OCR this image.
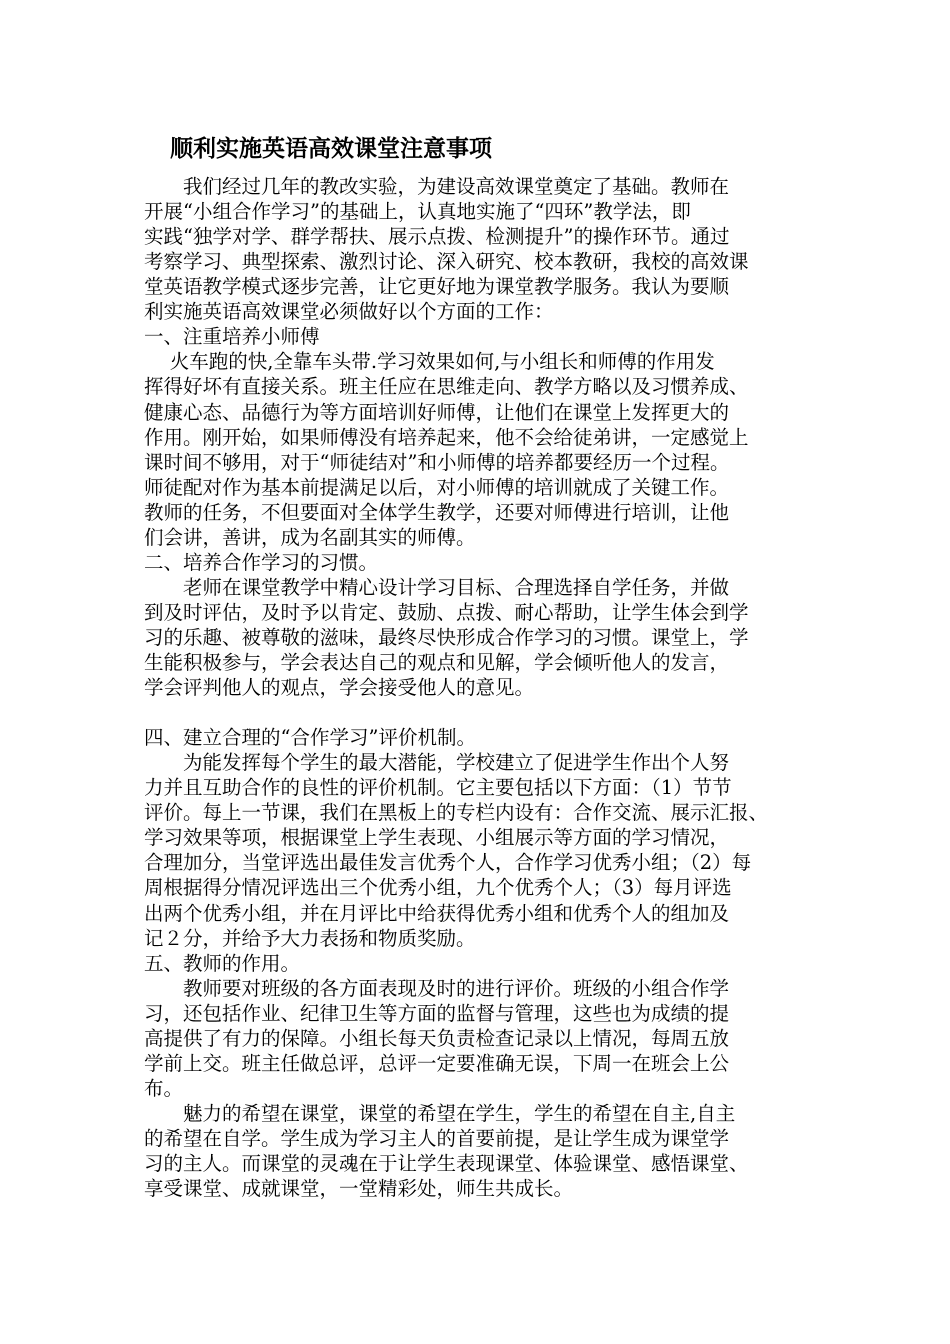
顺利实施英语高效课堂注意事项
　　我们经过几年的教改实验，为建设高效课堂奠定了基础。教师在
开展“小组合作学习”的基础上，认真地实施了“四环”教学法，即
实践“独学对学、群学帮扶、展示点拨、检测提升”的操作环节。通过
考察学习、典型探索、激烈讨论、深入研究、校本教研，我校的高效课
堂英语教学模式逐步完善，让它更好地为课堂教学服务。我认为要顺
利实施英语高效课堂必须做好以个方面的工作：
一、注重培养小师傅
　 火车跑的快,全靠车头带.学习效果如何,与小组长和师傅的作用发
挥得好坏有直接关系。班主任应在思维走向、教学方略以及习惯养成、
健康心态、品德行为等方面培训好师傅，让他们在课堂上发挥更大的
作用。刚开始，如果师傅没有培养起来，他不会给徒弟讲，一定感觉上
课时间不够用，对于“师徒结对”和小师傅的培养都要经历一个过程。
师徒配对作为基本前提满足以后，对小师傅的培训就成了关键工作。
教师的任务，不但要面对全体学生教学，还要对师傅进行培训，让他
们会讲，善讲，成为名副其实的师傅。
二、培养合作学习的习惯。
　　老师在课堂教学中精心设计学习目标、合理选择自学任务，并做
到及时评估，及时予以肯定、鼓励、点拨、耐心帮助，让学生体会到学
习的乐趣、被尊敬的滋味，最终尽快形成合作学习的习惯。课堂上，学
生能积极参与，学会表达自己的观点和见解，学会倾听他人的发言，
学会评判他人的观点，学会接受他人的意见。
四、建立合理的“合作学习”评价机制。
　　为能发挥每个学生的最大潜能，学校建立了促进学生作出个人努
力并且互助合作的良性的评价机制。它主要包括以下方面：（1）节节
评价。每上一节课，我们在黑板上的专栏内设有：合作交流、展示汇报、
学习效果等项，根据课堂上学生表现、小组展示等方面的学习情况，
合理加分，当堂评选出最佳发言优秀个人，合作学习优秀小组；（2）每
周根据得分情况评选出三个优秀小组，九个优秀个人；（3）每月评选
出两个优秀小组，并在月评比中给获得优秀小组和优秀个人的组加及
记２分，并给予大力表扬和物质奖励。
五、教师的作用。
　　教师要对班级的各方面表现及时的进行评价。班级的小组合作学
习，还包括作业、纪律卫生等方面的监督与管理，这些也为成绩的提
高提供了有力的保障。小组长每天负责检查记录以上情况，每周五放
学前上交。班主任做总评，总评一定要准确无误，下周一在班会上公
布。
　　魅力的希望在课堂，课堂的希望在学生，学生的希望在自主,自主
的希望在自学。学生成为学习主人的首要前提，是让学生成为课堂学
习的主人。而课堂的灵魂在于让学生表现课堂、体验课堂、感悟课堂、
享受课堂、成就课堂，一堂精彩处，师生共成长。
